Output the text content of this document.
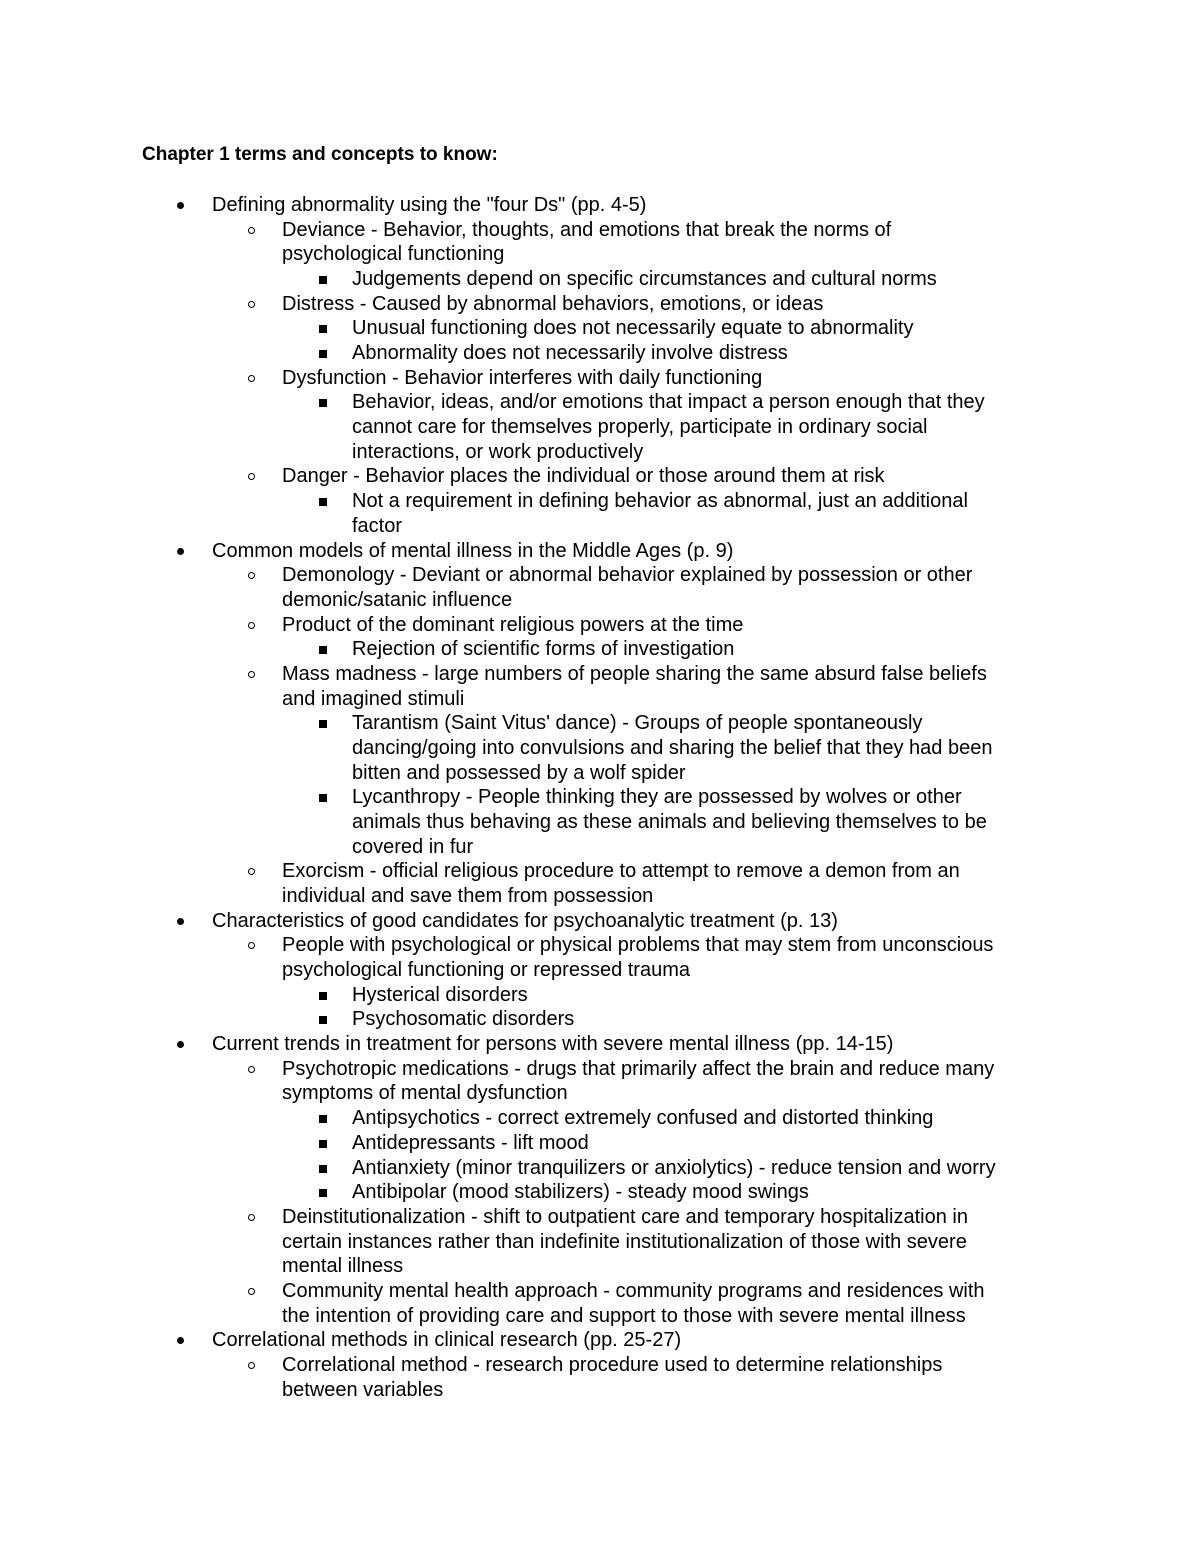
Chapter 1 terms and concepts to know:
Defining abnormality using the "four Ds" (pp. 4-5)
Deviance - Behavior, thoughts, and emotions that break the norms of
psychological functioning
Judgements depend on specific circumstances and cultural norms
Distress - Caused by abnormal behaviors, emotions, or ideas
Unusual functioning does not necessarily equate to abnormality
Abnormality does not necessarily involve distress
Dysfunction - Behavior interferes with daily functioning
Behavior, ideas, and/or emotions that impact a person enough that they
cannot care for themselves properly, participate in ordinary social
interactions, or work productively
Danger - Behavior places the individual or those around them at risk
Not a requirement in defining behavior as abnormal, just an additional
factor
Common models of mental illness in the Middle Ages (p. 9)
Demonology - Deviant or abnormal behavior explained by possession or other
demonic/satanic influence
Product of the dominant religious powers at the time
Rejection of scientific forms of investigation
Mass madness - large numbers of people sharing the same absurd false beliefs
and imagined stimuli
Tarantism (Saint Vitus' dance) - Groups of people spontaneously
dancing/going into convulsions and sharing the belief that they had been
bitten and possessed by a wolf spider
Lycanthropy - People thinking they are possessed by wolves or other
animals thus behaving as these animals and believing themselves to be
covered in fur
Exorcism - official religious procedure to attempt to remove a demon from an
individual and save them from possession
Characteristics of good candidates for psychoanalytic treatment (p. 13)
People with psychological or physical problems that may stem from unconscious
psychological functioning or repressed trauma
Hysterical disorders
Psychosomatic disorders
Current trends in treatment for persons with severe mental illness (pp. 14-15)
Psychotropic medications - drugs that primarily affect the brain and reduce many
symptoms of mental dysfunction
Antipsychotics - correct extremely confused and distorted thinking
Antidepressants - lift mood
Antianxiety (minor tranquilizers or anxiolytics) - reduce tension and worry
Antibipolar (mood stabilizers) - steady mood swings
Deinstitutionalization - shift to outpatient care and temporary hospitalization in
certain instances rather than indefinite institutionalization of those with severe
mental illness
Community mental health approach - community programs and residences with
the intention of providing care and support to those with severe mental illness
Correlational methods in clinical research (pp. 25-27)
Correlational method - research procedure used to determine relationships
between variables
